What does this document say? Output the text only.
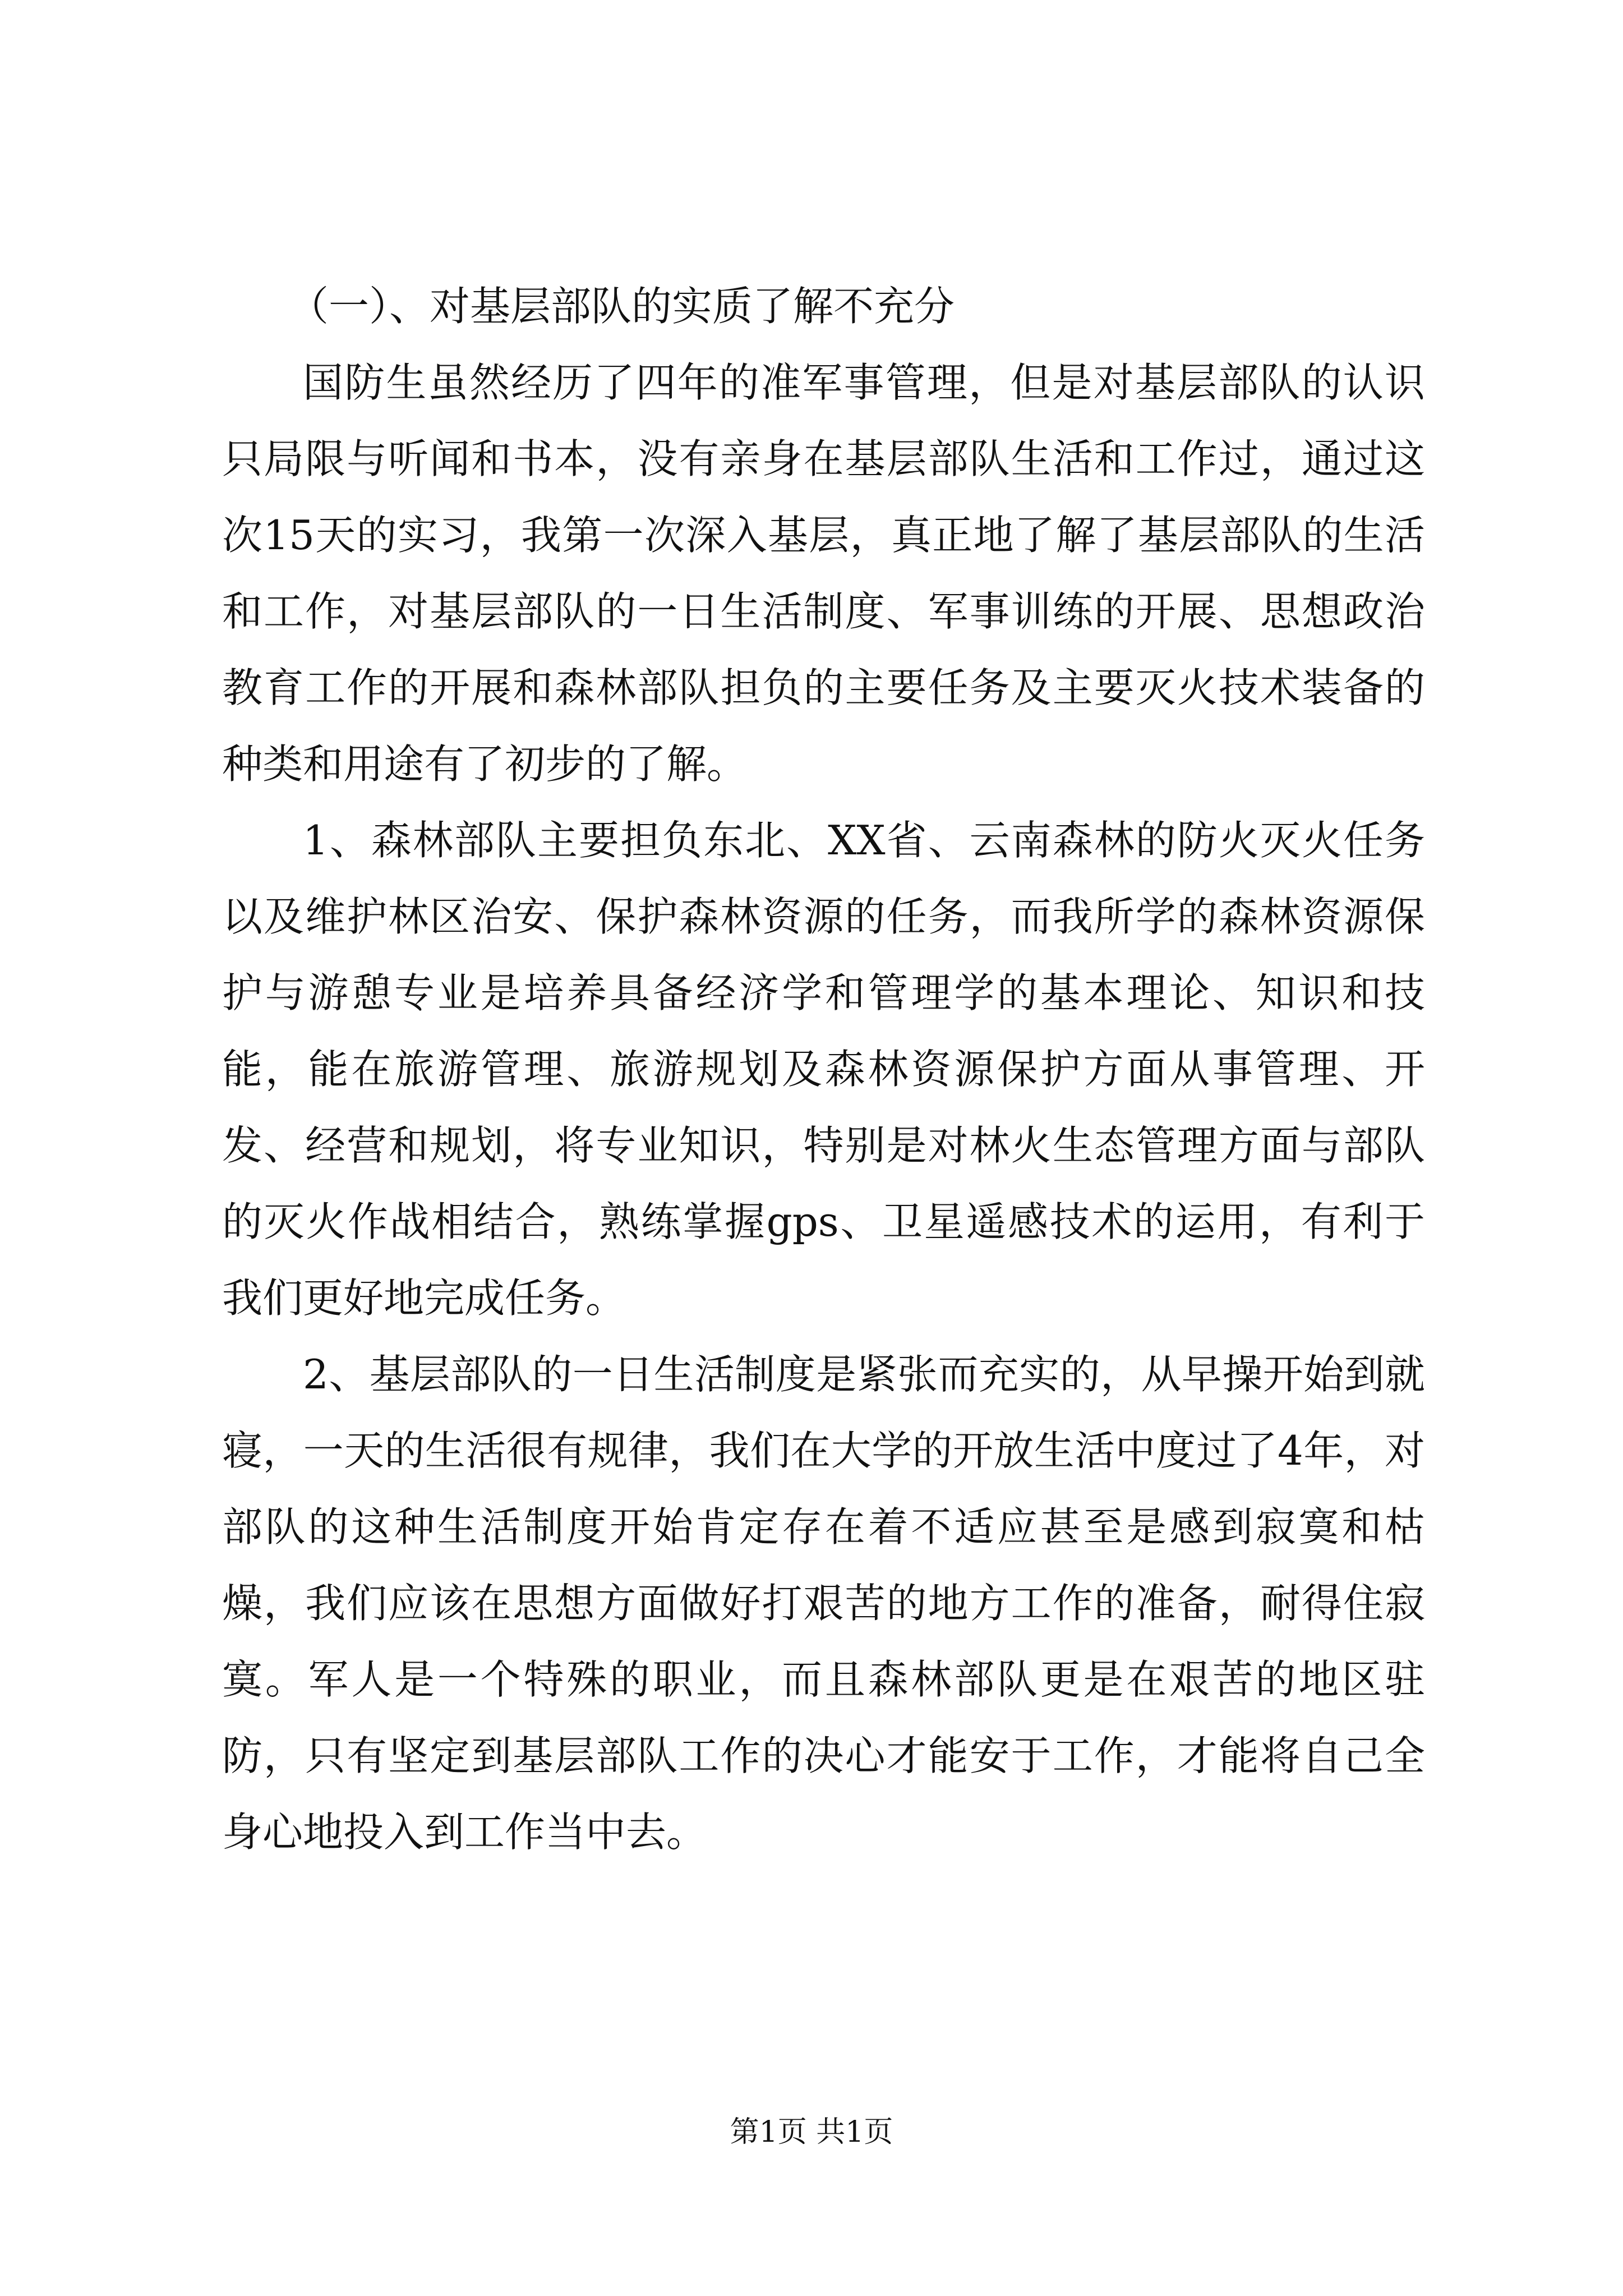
（一）、对基层部队的实质了解不充分

国防生虽然经历了四年的准军事管理，但是对基层部队的认识只局限与听闻和书本，没有亲身在基层部队生活和工作过，通过这次15天的实习，我第一次深入基层，真正地了解了基层部队的生活和工作，对基层部队的一日生活制度、军事训练的开展、思想政治教育工作的开展和森林部队担负的主要任务及主要灭火技术装备的种类和用途有了初步的了解。

1、森林部队主要担负东北、XX省、云南森林的防火灭火任务以及维护林区治安、保护森林资源的任务，而我所学的森林资源保护与游憩专业是培养具备经济学和管理学的基本理论、知识和技能，能在旅游管理、旅游规划及森林资源保护方面从事管理、开发、经营和规划，将专业知识，特别是对林火生态管理方面与部队的灭火作战相结合，熟练掌握gps、卫星遥感技术的运用，有利于我们更好地完成任务。

2、基层部队的一日生活制度是紧张而充实的，从早操开始到就寝，一天的生活很有规律，我们在大学的开放生活中度过了4年，对部队的这种生活制度开始肯定存在着不适应甚至是感到寂寞和枯燥，我们应该在思想方面做好打艰苦的地方工作的准备，耐得住寂寞。军人是一个特殊的职业，而且森林部队更是在艰苦的地区驻防，只有坚定到基层部队工作的决心才能安于工作，才能将自己全身心地投入到工作当中去。

第1页 共1页
